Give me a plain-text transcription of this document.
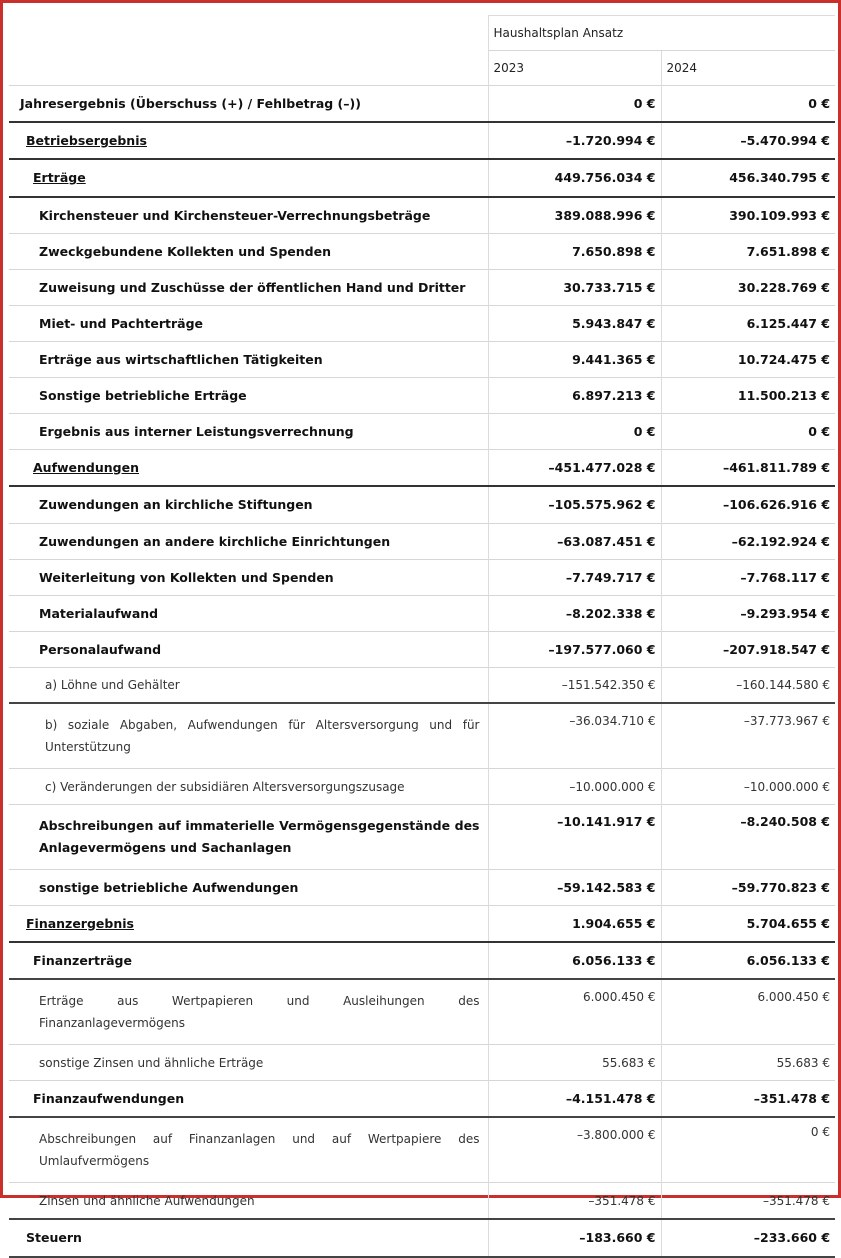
	Haushaltsplan Ansatz	
	2023	2024
Jahresergebnis (Überschuss (+) / Fehlbetrag (–))	0 €	0 €
Betriebsergebnis	–1.720.994 €	–5.470.994 €
Erträge	449.756.034 €	456.340.795 €
Kirchensteuer und Kirchensteuer-Verrechnungsbeträge	389.088.996 €	390.109.993 €
Zweckgebundene Kollekten und Spenden	7.650.898 €	7.651.898 €
Zuweisung und Zuschüsse der öffentlichen Hand und Dritter	30.733.715 €	30.228.769 €
Miet- und Pachterträge	5.943.847 €	6.125.447 €
Erträge aus wirtschaftlichen Tätigkeiten	9.441.365 €	10.724.475 €
Sonstige betriebliche Erträge	6.897.213 €	11.500.213 €
Ergebnis aus interner Leistungsverrechnung	0 €	0 €
Aufwendungen	–451.477.028 €	–461.811.789 €
Zuwendungen an kirchliche Stiftungen	–105.575.962 €	–106.626.916 €
Zuwendungen an andere kirchliche Einrichtungen	–63.087.451 €	–62.192.924 €
Weiterleitung von Kollekten und Spenden	–7.749.717 €	–7.768.117 €
Materialaufwand	–8.202.338 €	–9.293.954 €
Personalaufwand	–197.577.060 €	–207.918.547 €
a) Löhne und Gehälter	–151.542.350 €	–160.144.580 €
b) soziale Abgaben, Aufwendungen für Altersversorgung und für Unterstützung	–36.034.710 €	–37.773.967 €
c) Veränderungen der subsidiären Altersversorgungszusage	–10.000.000 €	–10.000.000 €
Abschreibungen auf immaterielle Vermögensgegenstände des Anlagevermögens und Sachanlagen	–10.141.917 €	–8.240.508 €
sonstige betriebliche Aufwendungen	–59.142.583 €	–59.770.823 €
Finanzergebnis	1.904.655 €	5.704.655 €
Finanzerträge	6.056.133 €	6.056.133 €
Erträge aus Wertpapieren und Ausleihungen des Finanzanlagevermögens	6.000.450 €	6.000.450 €
sonstige Zinsen und ähnliche Erträge	55.683 €	55.683 €
Finanzaufwendungen	–4.151.478 €	–351.478 €
Abschreibungen auf Finanzanlagen und auf Wertpapiere des Umlaufvermögens	–3.800.000 €	0 €
Zinsen und ähnliche Aufwendungen	–351.478 €	–351.478 €
Steuern	–183.660 €	–233.660 €
